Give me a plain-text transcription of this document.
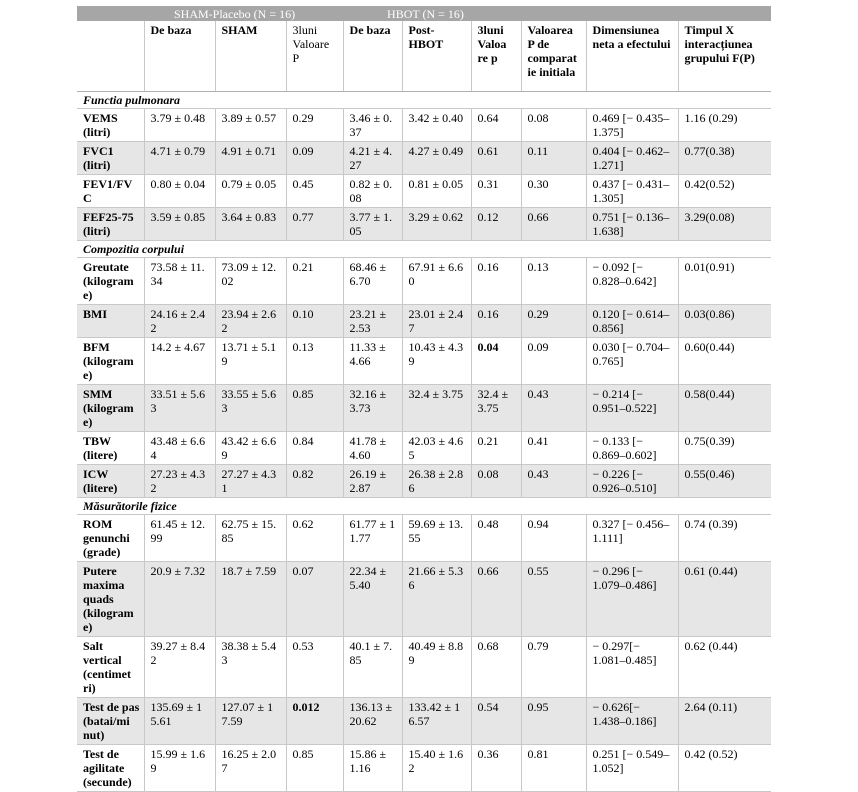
	SHAM-Placebo (N = 16)			HBOT (N = 16)					
	De baza	SHAM	3luni Valoare P	De baza	Post-HBOT	3luni Valoa re p	Valoarea P de comparat ie initiala	Dimensiunea neta a efectului	Timpul X interacțiunea grupului F(P)
Functia pulmonara									
VEMS (litri)	3.79 ± 0.48	3.89 ± 0.57	0.29	3.46 ± 0.37	3.42 ± 0.40	0.64	0.08	0.469 [− 0.435–1.375]	1.16 (0.29)
FVC1 (litri)	4.71 ± 0.79	4.91 ± 0.71	0.09	4.21 ± 4.27	4.27 ± 0.49	0.61	0.11	0.404 [− 0.462–1.271]	0.77(0.38)
FEV1/FV C	0.80 ± 0.04	0.79 ± 0.05	0.45	0.82 ± 0.08	0.81 ± 0.05	0.31	0.30	0.437 [− 0.431–1.305]	0.42(0.52)
FEF25-75 (litri)	3.59 ± 0.85	3.64 ± 0.83	0.77	3.77 ± 1.05	3.29 ± 0.62	0.12	0.66	0.751 [− 0.136–1.638]	3.29(0.08)
Compozitia corpului									
Greutate (kilogram e)	73.58 ± 11.34	73.09 ± 12.02	0.21	68.46 ± 6.70	67.91 ± 6.60	0.16	0.13	− 0.092 [− 0.828–0.642]	0.01(0.91)
BMI	24.16 ± 2.42	23.94 ± 2.62	0.10	23.21 ± 2.53	23.01 ± 2.47	0.16	0.29	0.120 [− 0.614–0.856]	0.03(0.86)
BFM (kilogram e)	14.2 ± 4.67	13.71 ± 5.19	0.13	11.33 ± 4.66	10.43 ± 4.39	0.04	0.09	0.030 [− 0.704–0.765]	0.60(0.44)
SMM (kilogram e)	33.51 ± 5.63	33.55 ± 5.63	0.85	32.16 ± 3.73	32.4 ± 3.75	32.4 ± 3.75	0.43	− 0.214 [− 0.951–0.522]	0.58(0.44)
TBW (litere)	43.48 ± 6.64	43.42 ± 6.69	0.84	41.78 ± 4.60	42.03 ± 4.65	0.21	0.41	− 0.133 [− 0.869–0.602]	0.75(0.39)
ICW (litere)	27.23 ± 4.32	27.27 ± 4.31	0.82	26.19 ± 2.87	26.38 ± 2.86	0.08	0.43	− 0.226 [− 0.926–0.510]	0.55(0.46)
Măsurătorile fizice									
ROM genunchi (grade)	61.45 ± 12.99	62.75 ± 15.85	0.62	61.77 ± 11.77	59.69 ± 13.55	0.48	0.94	0.327 [− 0.456–1.111]	0.74 (0.39)
Putere maxima quads (kilogram e)	20.9 ± 7.32	18.7 ± 7.59	0.07	22.34 ± 5.40	21.66 ± 5.36	0.66	0.55	− 0.296 [− 1.079–0.486]	0.61 (0.44)
Salt vertical (centimet ri)	39.27 ± 8.42	38.38 ± 5.43	0.53	40.1 ± 7.85	40.49 ± 8.89	0.68	0.79	− 0.297[− 1.081–0.485]	0.62 (0.44)
Test de pas (batai/mi nut)	135.69 ± 15.61	127.07 ± 17.59	0.012	136.13 ± 20.62	133.42 ± 16.57	0.54	0.95	− 0.626[− 1.438–0.186]	2.64 (0.11)
Test de agilitate (secunde)	15.99 ± 1.69	16.25 ± 2.07	0.85	15.86 ± 1.16	15.40 ± 1.62	0.36	0.81	0.251 [− 0.549–1.052]	0.42 (0.52)
